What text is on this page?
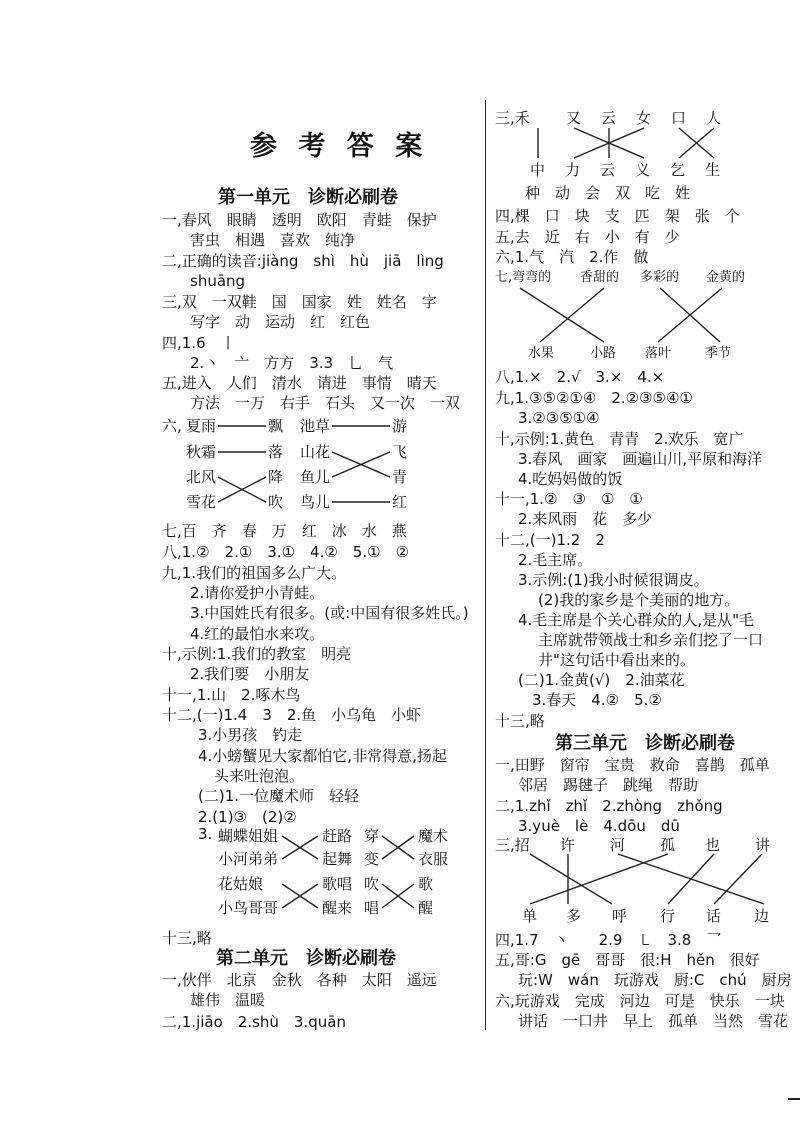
参 考 答 案
第一单元　诊断必刷卷
一,春风　眼睛　透明　欧阳　青蛙　保护
害虫　相遇　喜欢　纯净
二,正确的读音:jiàng　shì　hù　jiā　lìng
shuāng
三,双　一双鞋　国　国家　姓　姓名　字
写字　动　运动　红　红色
四,1.6　丨
2.丶　亠　方方　3.3　乚　气
五,进入　人们　清水　请进　事情　晴天
方法　一万　右手　石头　又一次　一双
六, 夏雨
秋霜
北风
雪花
飘
落
降
吹
池草
山花
鱼儿
鸟儿
游
飞
青
红
七,百　齐　春　万　红　冰　水　燕
八,1.②　2.①　3.①　4.②　5.①　②
九,1.我们的祖国多么广大。
2.请你爱护小青蛙。
3.中国姓氏有很多。(或:中国有很多姓氏。)
4.红的最怕水来攻。
十,示例:1.我们的教室　明亮
2.我们要　小朋友
十一,1.山　2.啄木鸟
十二,(一)1.4　3　2.鱼　小乌龟　小虾
3.小男孩　钓走
4.小螃蟹见大家都怕它,非常得意,扬起
头来吐泡泡。
(二)1.一位魔术师　轻轻
2.(1)③　(2)②
3. 蝴蝶姐姐
小河弟弟
花姑娘
小鸟哥哥
赶路
起舞
歌唱
醒来
穿
变
吹
唱
魔术
衣服
歌
醒
十三,略
第二单元　诊断必刷卷
一,伙伴　北京　金秋　各种　太阳　遥远
雄伟　温暖
二,1.jiāo　2.shù　3.quān
三,禾 又 云 女 口 人
中 力 云 义 乞 生
种　动　会　双　吃　姓
四,棵　口　块　支　匹　架　张　个
五,去　近　右　小　有　少
六,1.气　汽　2.作　做
七,弯弯的 香甜的 多彩的 金黄的
水果	小路 落叶	季节
八,1.×　2.√　3.×　4.×
九,1.③⑤②①④　2.②③⑤④①
3.②③⑤①④
十,示例:1.黄色　青青　2.欢乐　宽广
3.春风　画家　画遍山川,平原和海洋
4.吃妈妈做的饭
十一,1.②　③　①　①
2.来风雨　花　多少
十二,(一)1.2　2
2.毛主席。
3.示例:(1)我小时候很调皮。
(2)我的家乡是个美丽的地方。
4.毛主席是个关心群众的人,是从"毛
主席就带领战士和乡亲们挖了一口
井"这句话中看出来的。
(二)1.金黄(√)　2.油菜花
3.春天　4.②　5.②
十三,略
第三单元　诊断必刷卷
一,田野　窗帘　宝贵　救命　喜鹊　孤单
邻居　踢毽子　跳绳　帮助
二,1.zhǐ　zhǐ　2.zhòng　zhǒng
3.yuè　lè　4.dōu　dū
三,招 许 河 孤 也 讲
单 多 呼 行 话 边
四,1.7　丶　　2.9　㇄　3.8　乛
五,哥:G　gē　哥哥　很:H　hěn　很好
玩:W　wán　玩游戏　厨:C　chú　厨房
六,玩游戏　完成　河边　可是　快乐　一块
讲话　一口井　早上　孤单　当然　雪花
